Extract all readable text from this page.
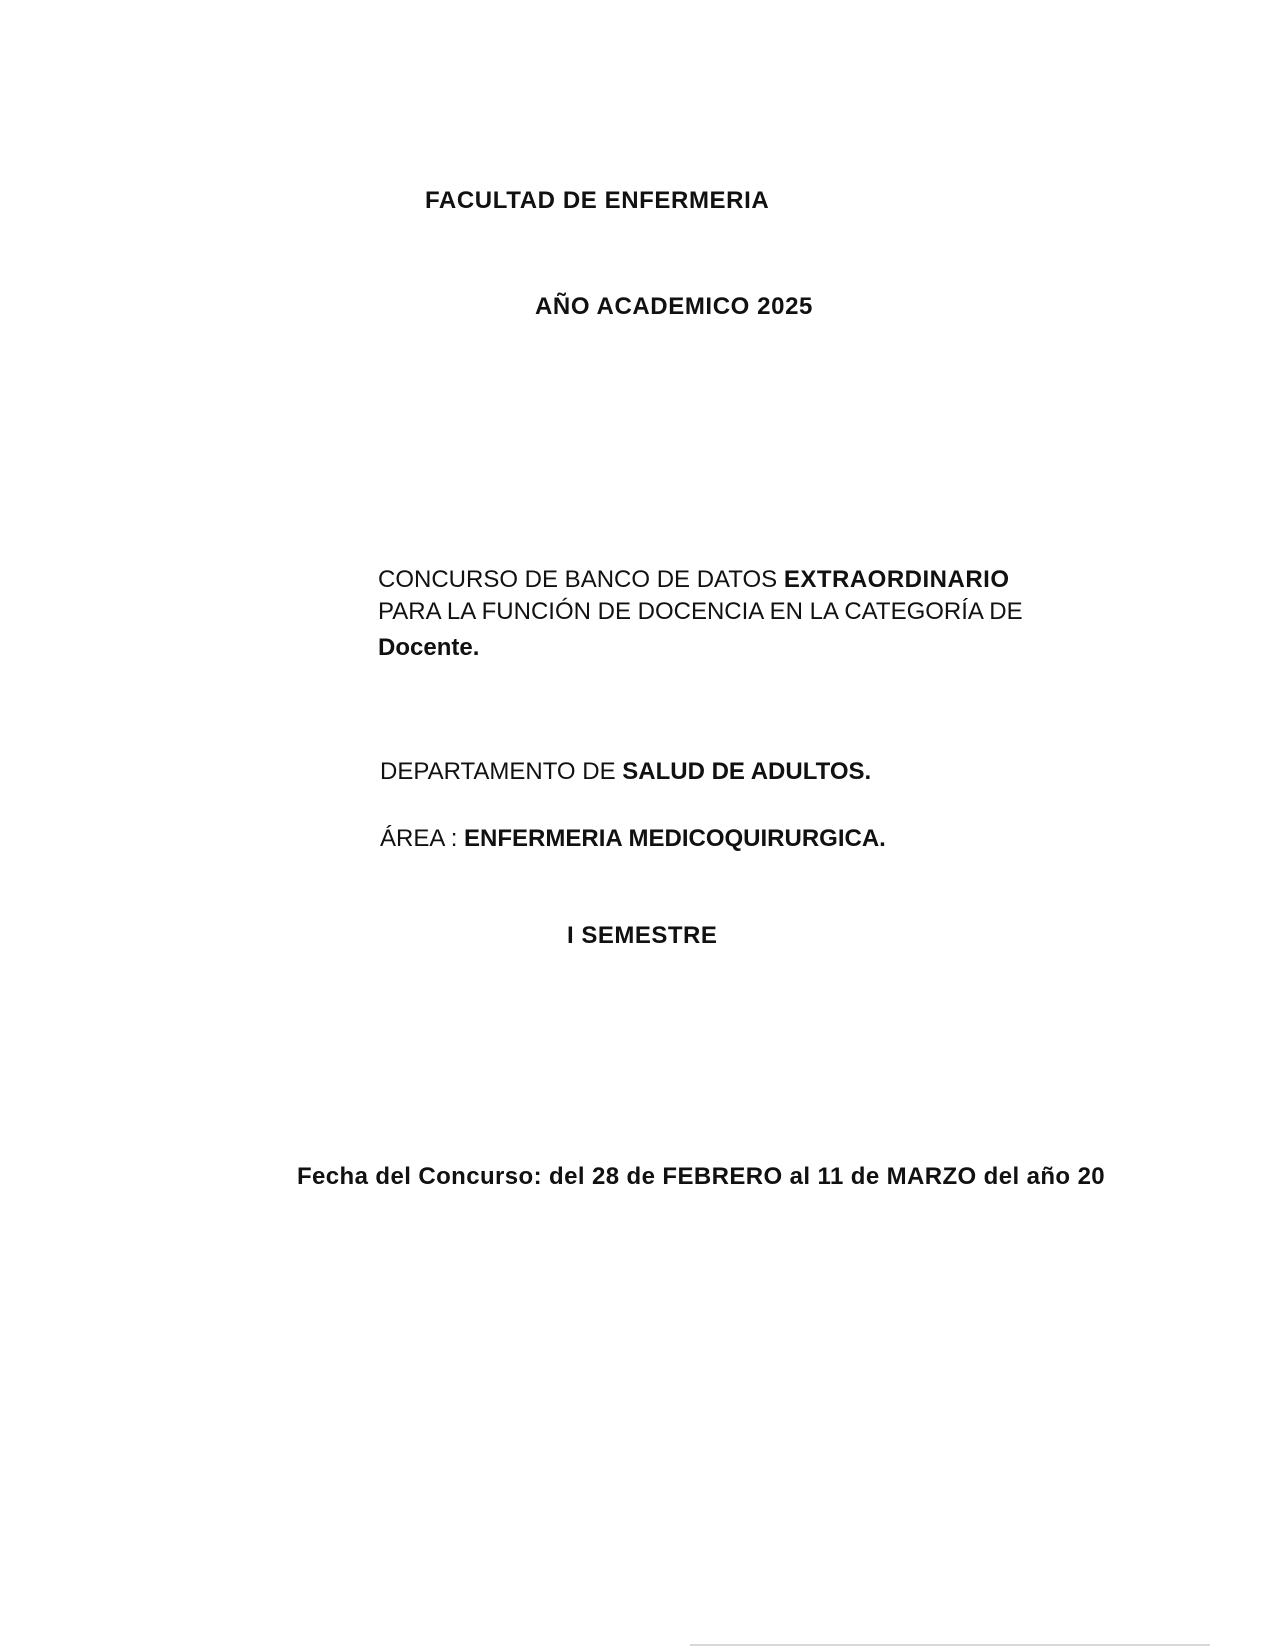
FACULTAD DE ENFERMERIA
AÑO ACADEMICO 2025
CONCURSO DE BANCO DE DATOS EXTRAORDINARIO
PARA LA FUNCIÓN DE DOCENCIA EN LA CATEGORÍA DE
Docente.
DEPARTAMENTO DE SALUD DE ADULTOS.
ÁREA : ENFERMERIA MEDICOQUIRURGICA.
I SEMESTRE
Fecha del Concurso: del 28 de FEBRERO al 11 de MARZO del año 20
